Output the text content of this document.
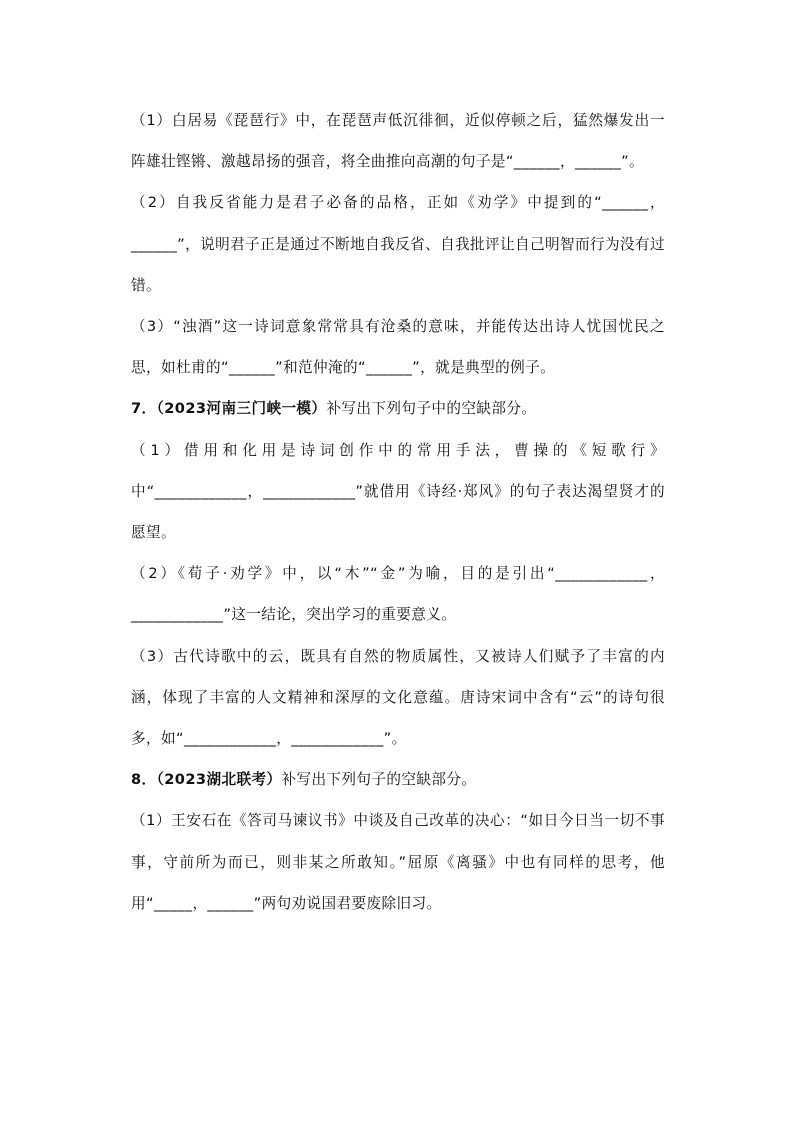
（1）白居易《琵琶行》中，在琵琶声低沉徘徊，近似停顿之后，猛然爆发出一阵雄壮铿锵、激越昂扬的强音，将全曲推向高潮的句子是“______，______”。

（2）自我反省能力是君子必备的品格，正如《劝学》中提到的“______，______”，说明君子正是通过不断地自我反省、自我批评让自己明智而行为没有过错。

（3）“浊酒”这一诗词意象常常具有沧桑的意味，并能传达出诗人忧国忧民之思，如杜甫的“______”和范仲淹的“______”，就是典型的例子。

7．（2023河南三门峡一模）补写出下列句子中的空缺部分。

（1）借用和化用是诗词创作中的常用手法，曹操的《短歌行》中“____________，____________”就借用《诗经·郑风》的句子表达渴望贤才的愿望。

（2）《荀子·劝学》中，以“木”“金”为喻，目的是引出“____________，____________”这一结论，突出学习的重要意义。

（3）古代诗歌中的云，既具有自然的物质属性，又被诗人们赋予了丰富的内涵，体现了丰富的人文精神和深厚的文化意蕴。唐诗宋词中含有“云”的诗句很多，如“____________，____________”。

8．（2023湖北联考）补写出下列句子的空缺部分。

（1）王安石在《答司马谏议书》中谈及自己改革的决心：“如日今日当一切不事事，守前所为而已，则非某之所敢知。”屈原《离骚》中也有同样的思考，他用“_____，______”两句劝说国君要废除旧习。
